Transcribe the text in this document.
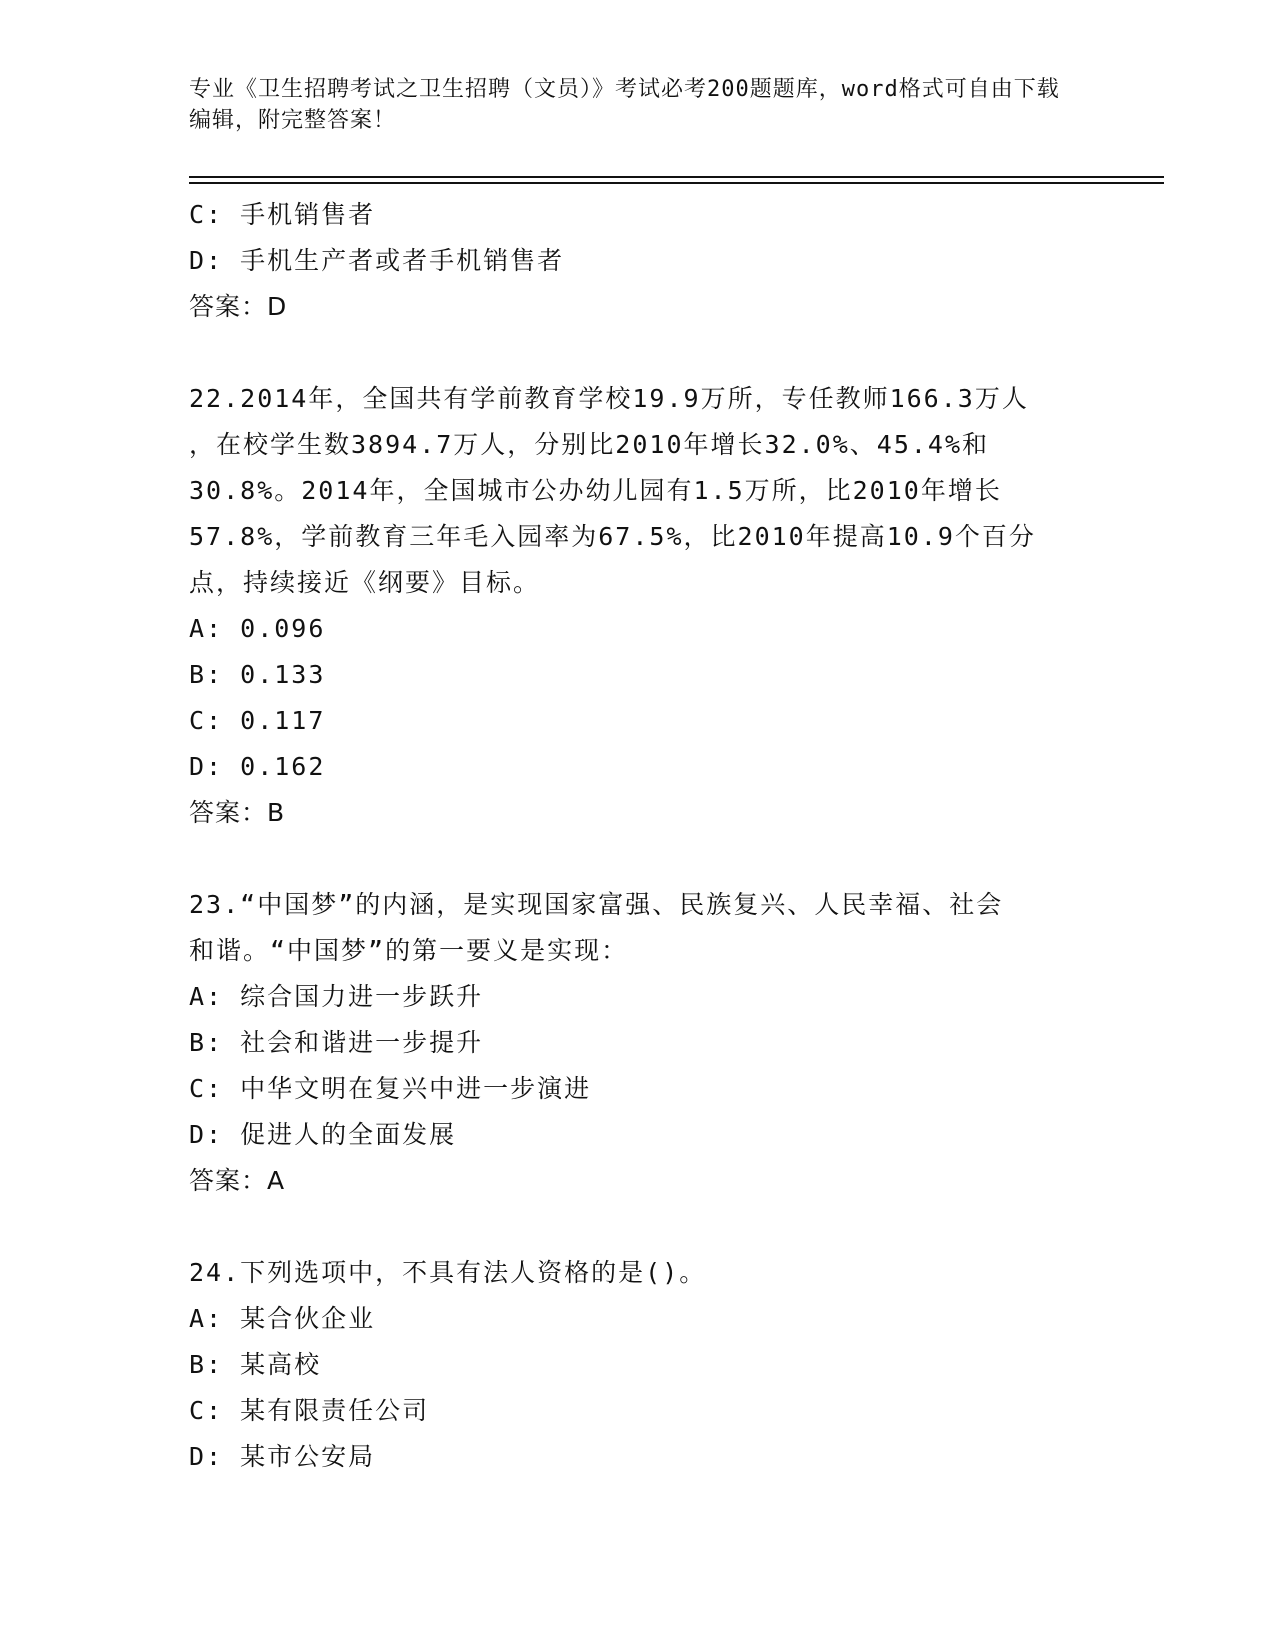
专业《卫生招聘考试之卫生招聘（文员）》考试必考200题题库，word格式可自由下载编辑，附完整答案！
C: 手机销售者
D: 手机生产者或者手机销售者
答案：D
22.2014年，全国共有学前教育学校19.9万所，专任教师166.3万人
，在校学生数3894.7万人，分别比2010年增长32.0%、45.4%和
30.8%。2014年，全国城市公办幼儿园有1.5万所，比2010年增长
57.8%，学前教育三年毛入园率为67.5%，比2010年提高10.9个百分
点，持续接近《纲要》目标。
A: 0.096
B: 0.133
C: 0.117
D: 0.162
答案：B
23.“中国梦”的内涵，是实现国家富强、民族复兴、人民幸福、社会
和谐。“中国梦”的第一要义是实现：
A: 综合国力进一步跃升
B: 社会和谐进一步提升
C: 中华文明在复兴中进一步演进
D: 促进人的全面发展
答案：A
24.下列选项中，不具有法人资格的是()。
A: 某合伙企业
B: 某高校
C: 某有限责任公司
D: 某市公安局
